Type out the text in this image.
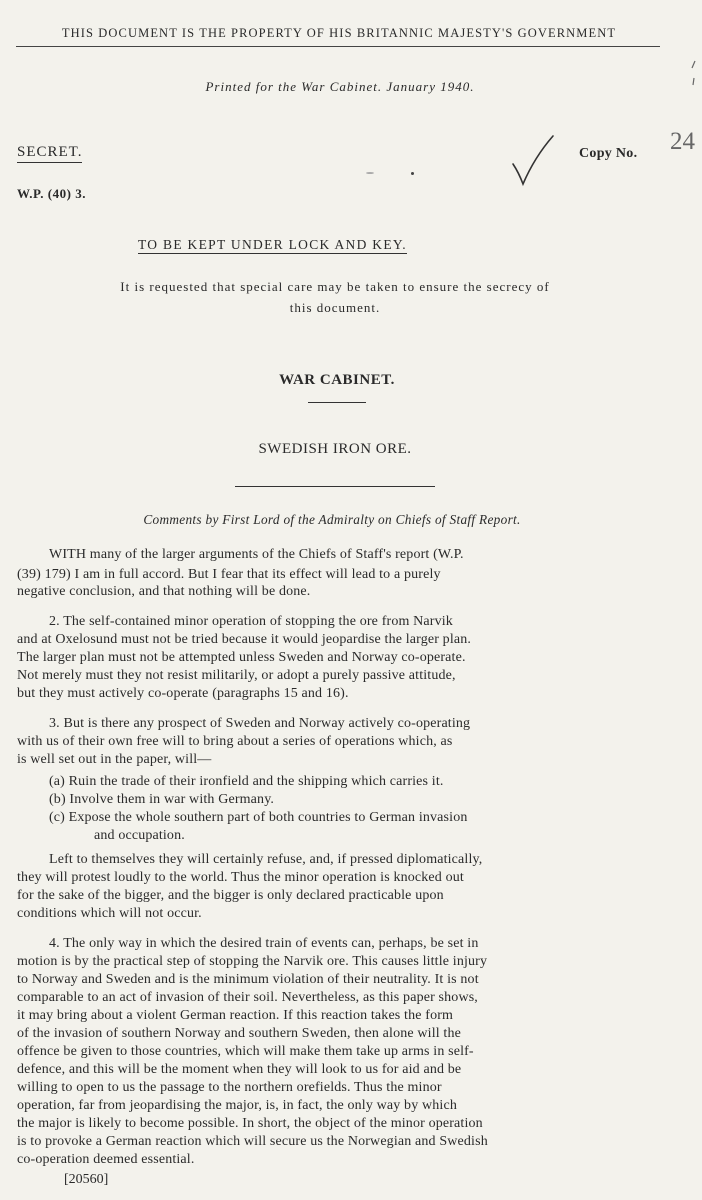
THIS DOCUMENT IS THE PROPERTY OF HIS BRITANNIC MAJESTY'S GOVERNMENT
Printed for the War Cabinet. January 1940.
SECRET.
W.P. (40) 3.
Copy No. 24
TO BE KEPT UNDER LOCK AND KEY.
It is requested that special care may be taken to ensure the secrecy of this document.
WAR CABINET.
SWEDISH IRON ORE.
Comments by First Lord of the Admiralty on Chiefs of Staff Report.
WITH many of the larger arguments of the Chiefs of Staff's report (W.P.
(39) 179) I am in full accord. But I fear that its effect will lead to a purely
negative conclusion, and that nothing will be done.
2. The self-contained minor operation of stopping the ore from Narvik
and at Oxelosund must not be tried because it would jeopardise the larger plan.
The larger plan must not be attempted unless Sweden and Norway co-operate.
Not merely must they not resist militarily, or adopt a purely passive attitude,
but they must actively co-operate (paragraphs 15 and 16).
3. But is there any prospect of Sweden and Norway actively co-operating
with us of their own free will to bring about a series of operations which, as
is well set out in the paper, will—
(a) Ruin the trade of their ironfield and the shipping which carries it.
(b) Involve them in war with Germany.
(c) Expose the whole southern part of both countries to German invasion
and occupation.
Left to themselves they will certainly refuse, and, if pressed diplomatically,
they will protest loudly to the world. Thus the minor operation is knocked out
for the sake of the bigger, and the bigger is only declared practicable upon
conditions which will not occur.
4. The only way in which the desired train of events can, perhaps, be set in
motion is by the practical step of stopping the Narvik ore. This causes little injury
to Norway and Sweden and is the minimum violation of their neutrality. It is not
comparable to an act of invasion of their soil. Nevertheless, as this paper shows,
it may bring about a violent German reaction. If this reaction takes the form
of the invasion of southern Norway and southern Sweden, then alone will the
offence be given to those countries, which will make them take up arms in self-
defence, and this will be the moment when they will look to us for aid and be
willing to open to us the passage to the northern orefields. Thus the minor
operation, far from jeopardising the major, is, in fact, the only way by which
the major is likely to become possible. In short, the object of the minor operation
is to provoke a German reaction which will secure us the Norwegian and Swedish
co-operation deemed essential.
[20560]
